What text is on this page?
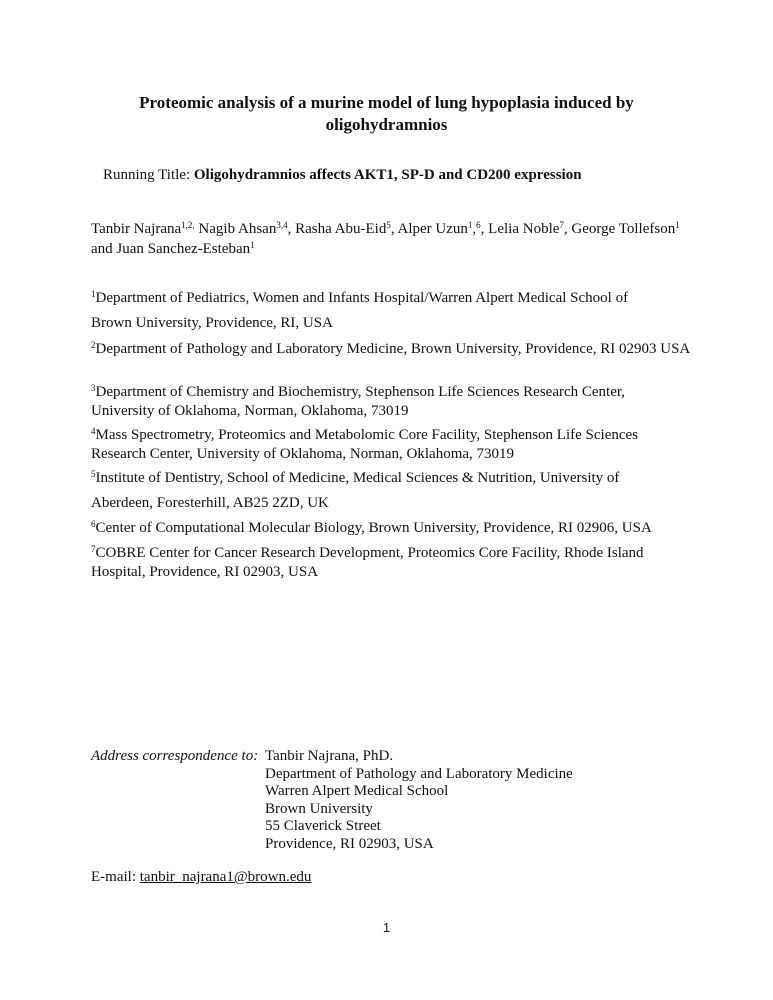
Proteomic analysis of a murine model of lung hypoplasia induced by oligohydramnios
Running Title: Oligohydramnios affects AKT1, SP-D and CD200 expression
Tanbir Najrana$^{1,2,}$ Nagib Ahsan$^{3,4}$, Rasha Abu-Eid$^5$, Alper Uzun$^1$,$^6$, Lelia Noble$^7$, George Tollefson$^1$ and Juan Sanchez-Esteban$^1$
$^1$Department of Pediatrics, Women and Infants Hospital/Warren Alpert Medical School of
Brown University, Providence, RI, USA
$^2$Department of Pathology and Laboratory Medicine, Brown University, Providence, RI 02903 USA
$^3$Department of Chemistry and Biochemistry, Stephenson Life Sciences Research Center, University of Oklahoma, Norman, Oklahoma, 73019
$^4$Mass Spectrometry, Proteomics and Metabolomic Core Facility, Stephenson Life Sciences Research Center, University of Oklahoma, Norman, Oklahoma, 73019
$^5$Institute of Dentistry, School of Medicine, Medical Sciences & Nutrition, University of
Aberdeen, Foresterhill, AB25 2ZD, UK
$^6$Center of Computational Molecular Biology, Brown University, Providence, RI 02906, USA
$^7$COBRE Center for Cancer Research Development, Proteomics Core Facility, Rhode Island Hospital, Providence, RI 02903, USA
Address correspondence to: Tanbir Najrana, PhD.
Department of Pathology and Laboratory Medicine
Warren Alpert Medical School
Brown University
55 Claverick Street
Providence, RI 02903, USA
E-mail: tanbir_najrana1@brown.edu
1
